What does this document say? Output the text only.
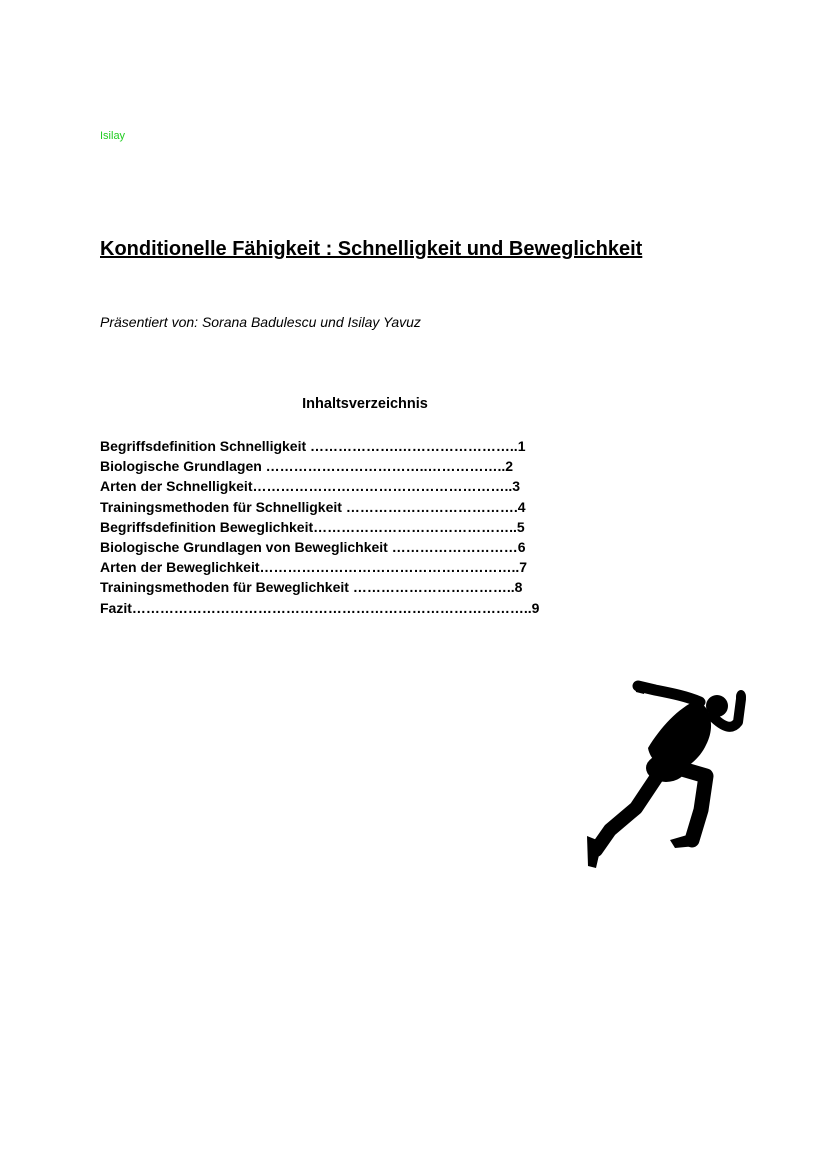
Isilay
Konditionelle Fähigkeit : Schnelligkeit und Beweglichkeit

Präsentiert von: Sorana Badulescu und Isilay Yavuz

Inhaltsverzeichnis
Begriffsdefinition Schnelligkeit ……………….……………………..1
Biologische Grundlagen ……………………………..……………..2
Arten der Schnelligkeit………………………………………………..3
Trainingsmethoden für Schnelligkeit ……………………………….4
Begriffsdefinition Beweglichkeit……………………………………..5
Biologische Grundlagen von Beweglichkeit ………………………6
Arten der Beweglichkeit………………………………………………..7
Trainingsmethoden für Beweglichkeit ……………………………..8
Fazit…………………………………………………………………………..9
